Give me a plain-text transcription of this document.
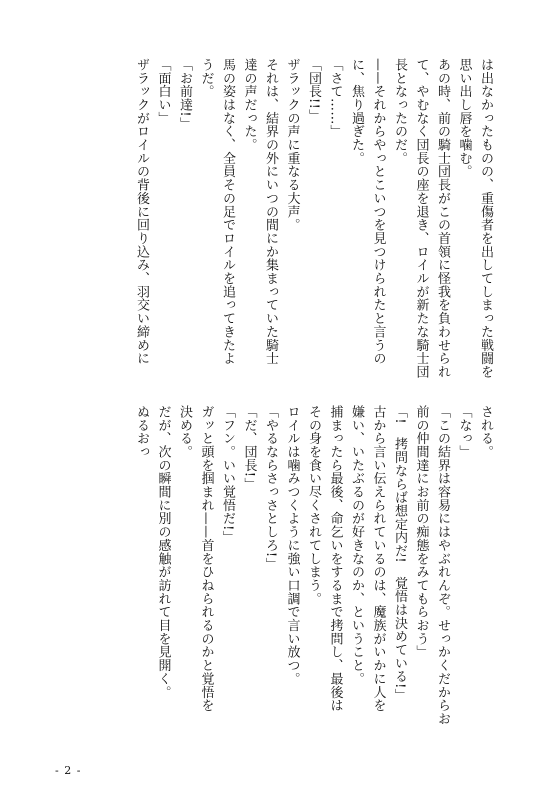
は出なかったものの、重傷者を出してしまった戦闘を
思い出し唇を噛む。
あの時、前の騎士団長がこの首領に怪我を負わせられ
て、やむなく団長の座を退き、ロイルが新たな騎士団
長となったのだ。
——それからやっとこいつを見つけられたと言うの
に、焦り過ぎた。
「さて……」
「団長!!」
ザラックの声に重なる大声。
それは、結界の外にいつの間にか集まっていた騎士
達の声だった。
馬の姿はなく、全員その足でロイルを追ってきたよ
うだ。
「お前達!」
「面白い」
ザラックがロイルの背後に回り込み、羽交い締めに
される。
「なっ」
「この結界は容易にはやぶれんぞ。せっかくだからお
前の仲間達にお前の痴態をみてもらおう」
「!　拷問ならば想定内だ!　覚悟は決めている!」
古から言い伝えられているのは、魔族がいかに人を
嫌い、いたぶるのが好きなのか、ということ。
捕まったら最後、命乞いをするまで拷問し、最後は
その身を食い尽くされてしまう。
ロイルは噛みつくように強い口調で言い放つ。
「やるならさっさとしろ!」
「だ、団長!」
「フン。いい覚悟だ!」
ガッと頭を掴まれ——首をひねられるのかと覚悟を
決める。
だが、次の瞬間に別の感触が訪れて目を見開く。
ぬるおっ
- 2 -
